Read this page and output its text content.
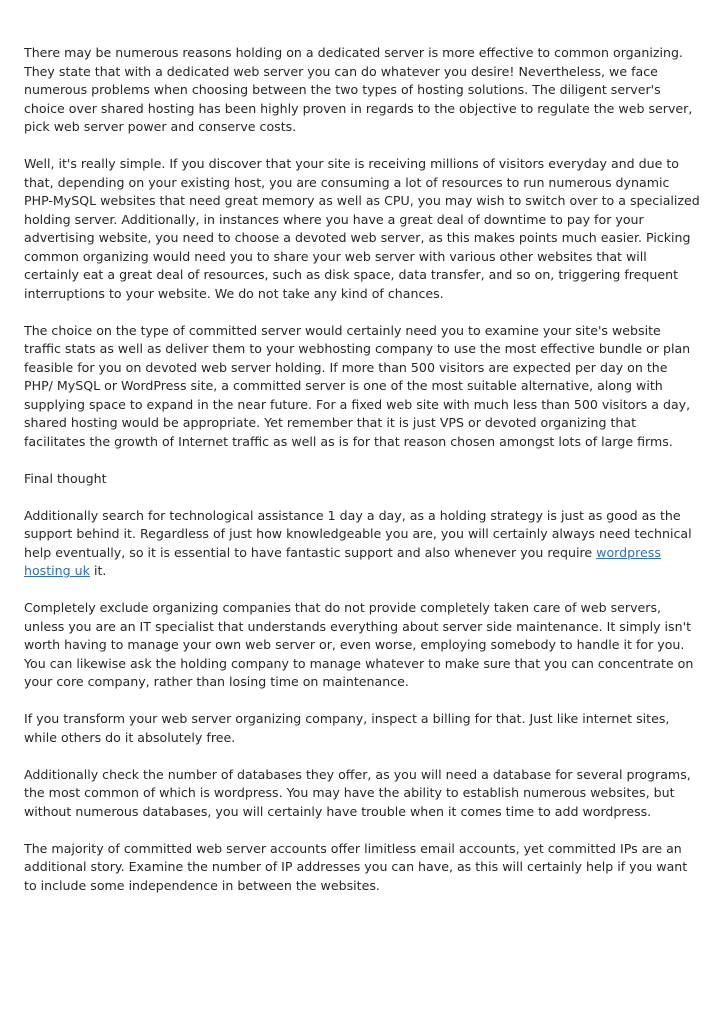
There may be numerous reasons holding on a dedicated server is more effective to common organizing. They state that with a dedicated web server you can do whatever you desire! Nevertheless, we face numerous problems when choosing between the two types of hosting solutions. The diligent server's choice over shared hosting has been highly proven in regards to the objective to regulate the web server, pick web server power and conserve costs.

Well, it's really simple. If you discover that your site is receiving millions of visitors everyday and due to that, depending on your existing host, you are consuming a lot of resources to run numerous dynamic PHP-MySQL websites that need great memory as well as CPU, you may wish to switch over to a specialized holding server. Additionally, in instances where you have a great deal of downtime to pay for your advertising website, you need to choose a devoted web server, as this makes points much easier. Picking common organizing would need you to share your web server with various other websites that will certainly eat a great deal of resources, such as disk space, data transfer, and so on, triggering frequent interruptions to your website. We do not take any kind of chances.

The choice on the type of committed server would certainly need you to examine your site's website traffic stats as well as deliver them to your webhosting company to use the most effective bundle or plan feasible for you on devoted web server holding. If more than 500 visitors are expected per day on the PHP/ MySQL or WordPress site, a committed server is one of the most suitable alternative, along with supplying space to expand in the near future. For a fixed web site with much less than 500 visitors a day, shared hosting would be appropriate. Yet remember that it is just VPS or devoted organizing that facilitates the growth of Internet traffic as well as is for that reason chosen amongst lots of large firms.

Final thought

Additionally search for technological assistance 1 day a day, as a holding strategy is just as good as the support behind it. Regardless of just how knowledgeable you are, you will certainly always need technical help eventually, so it is essential to have fantastic support and also whenever you require wordpress hosting uk it.

Completely exclude organizing companies that do not provide completely taken care of web servers, unless you are an IT specialist that understands everything about server side maintenance. It simply isn't worth having to manage your own web server or, even worse, employing somebody to handle it for you. You can likewise ask the holding company to manage whatever to make sure that you can concentrate on your core company, rather than losing time on maintenance.

If you transform your web server organizing company, inspect a billing for that. Just like internet sites, while others do it absolutely free.

Additionally check the number of databases they offer, as you will need a database for several programs, the most common of which is wordpress. You may have the ability to establish numerous websites, but without numerous databases, you will certainly have trouble when it comes time to add wordpress.

The majority of committed web server accounts offer limitless email accounts, yet committed IPs are an additional story. Examine the number of IP addresses you can have, as this will certainly help if you want to include some independence in between the websites.
